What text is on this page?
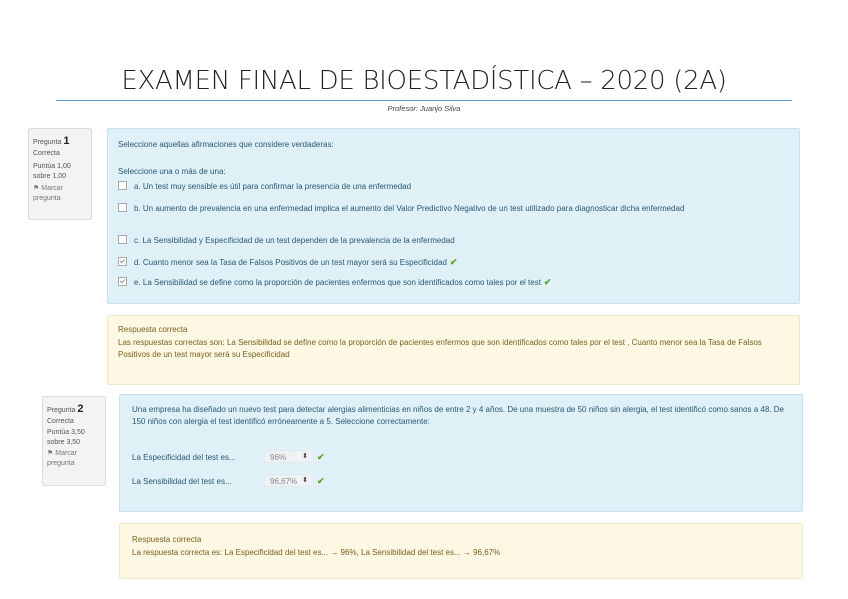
EXAMEN FINAL DE BIOESTADÍSTICA – 2020 (2A)
Profesor: Juanjo Silva
Pregunta 1
Correcta
Puntúa 1,00
sobre 1,00
⚑ Marcar
pregunta
Seleccione aquellas afirmaciones que considere verdaderas:
Seleccione una o más de una:
a. Un test muy sensible es útil para confirmar la presencia de una enfermedad
b. Un aumento de prevalencia en una enfermedad implica el aumento del Valor Predictivo Negativo de un test utilizado para diagnosticar dicha enfermedad
c. La Sensibilidad y Especificidad de un test dependen de la prevalencia de la enfermedad
d. Cuanto menor sea la Tasa de Falsos Positivos de un test mayor será su Especificidad ✔
e. La Sensibilidad se define como la proporción de pacientes enfermos que son identificados como tales por el test ✔
Respuesta correcta
Las respuestas correctas son: La Sensibilidad se define como la proporción de pacientes enfermos que son identificados como tales por el test , Cuanto menor sea la Tasa de Falsos Positivos de un test mayor será su Especificidad
Pregunta 2
Correcta
Puntúa 3,50
sobre 3,50
⚑ Marcar
pregunta
Una empresa ha diseñado un nuevo test para detectar alergias alimenticias en niños de entre 2 y 4 años. De una muestra de 50 niños sin alergia, el test identificó como sanos a 48. De 150 niños con alergia el test identificó erróneamente a 5. Seleccione correctamente:
La Especificidad del test es...	96% ⬍ ✔
La Sensibilidad del test es...	96,67% ⬍ ✔
Respuesta correcta
La respuesta correcta es: La Especificidad del test es... → 96%, La Sensibilidad del test es... → 96,67%
